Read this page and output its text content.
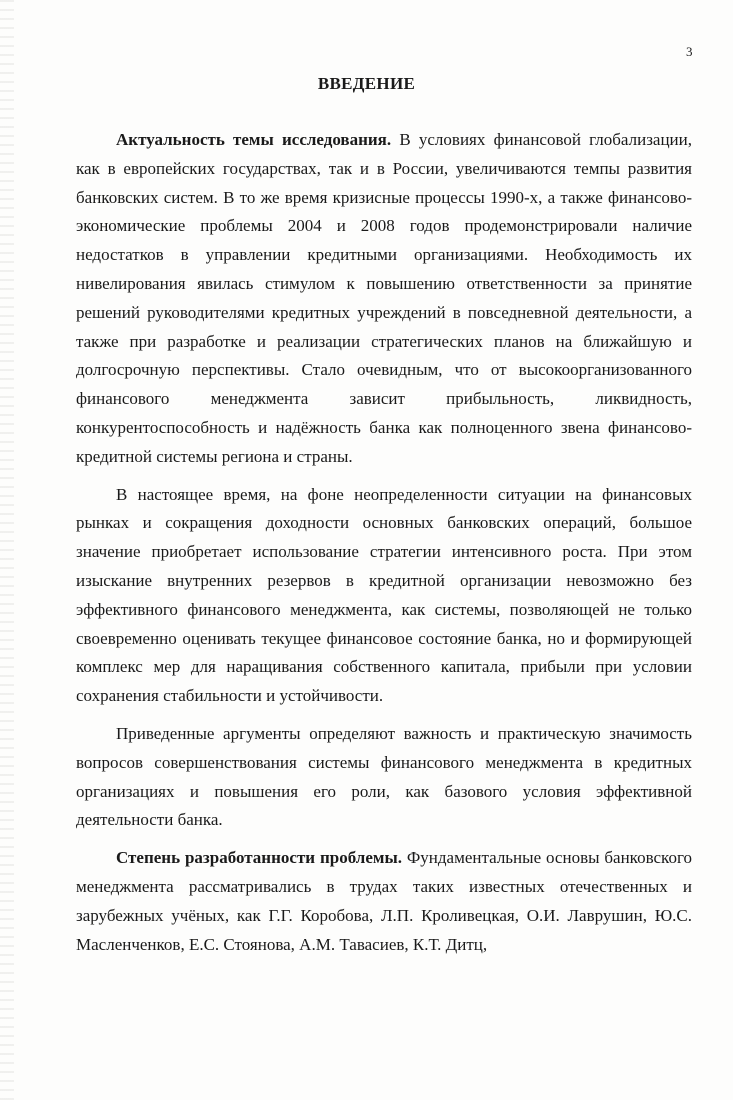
3
ВВЕДЕНИЕ

Актуальность темы исследования. В условиях финансовой глобализации, как в европейских государствах, так и в России, увеличиваются темпы развития банковских систем. В то же время кризисные процессы 1990-х, а также финансово-экономические проблемы 2004 и 2008 годов продемонстрировали наличие недостатков в управлении кредитными организациями. Необходимость их нивелирования явилась стимулом к повышению ответственности за принятие решений руководителями кредитных учреждений в повседневной деятельности, а также при разработке и реализации стратегических планов на ближайшую и долгосрочную перспективы. Стало очевидным, что от высокоорганизованного финансового менеджмента зависит прибыльность, ликвидность, конкурентоспособность и надёжность банка как полноценного звена финансово-кредитной системы региона и страны.

В настоящее время, на фоне неопределенности ситуации на финансовых рынках и сокращения доходности основных банковских операций, большое значение приобретает использование стратегии интенсивного роста. При этом изыскание внутренних резервов в кредитной организации невозможно без эффективного финансового менеджмента, как системы, позволяющей не только своевременно оценивать текущее финансовое состояние банка, но и формирующей комплекс мер для наращивания собственного капитала, прибыли при условии сохранения стабильности и устойчивости.

Приведенные аргументы определяют важность и практическую значимость вопросов совершенствования системы финансового менеджмента в кредитных организациях и повышения его роли, как базового условия эффективной деятельности банка.

Степень разработанности проблемы. Фундаментальные основы банковского менеджмента рассматривались в трудах таких известных отечественных и зарубежных учёных, как Г.Г. Коробова, Л.П. Кроливецкая, О.И. Лаврушин, Ю.С. Масленченков, Е.С. Стоянова, А.М. Тавасиев, К.Т. Дитц,
